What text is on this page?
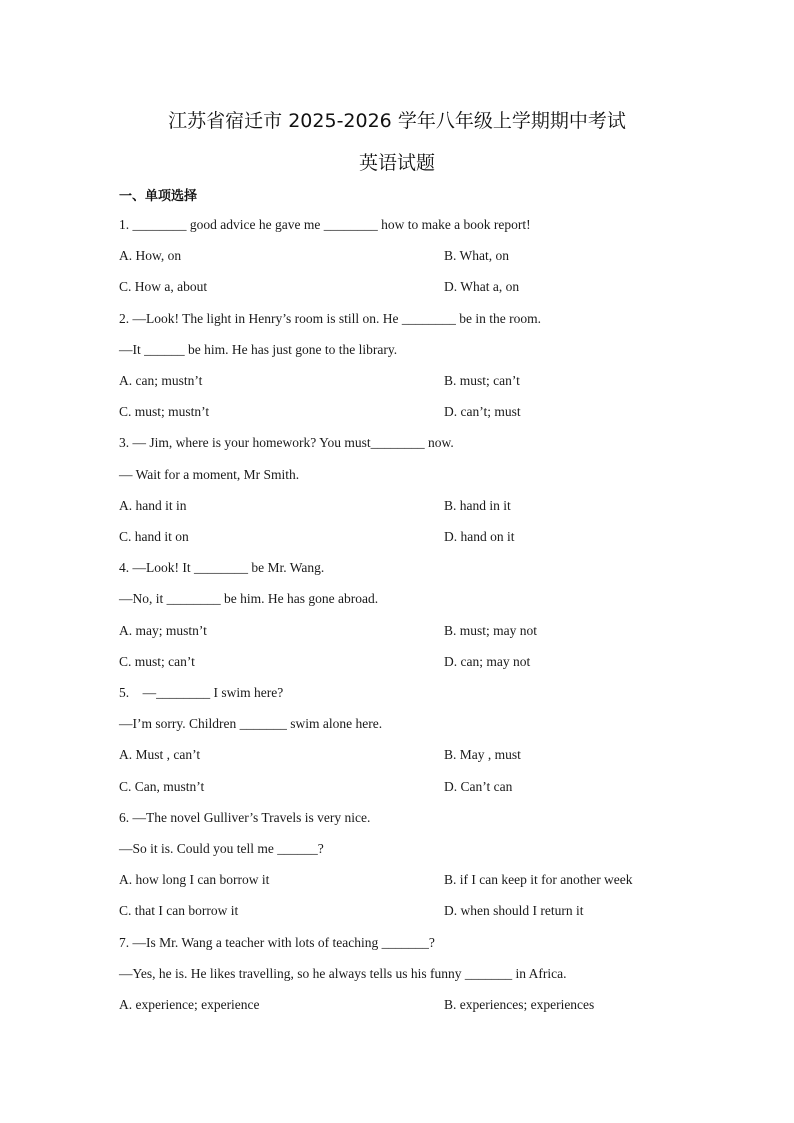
江苏省宿迁市 2025-2026 学年八年级上学期期中考试
英语试题
一、单项选择
1. ________ good advice he gave me ________ how to make a book report!
A. How, on	B. What, on
C. How a, about	D. What a, on
2. —Look! The light in Henry’s room is still on. He ________ be in the room.
—It ______ be him. He has just gone to the library.
A. can; mustn’t	B. must; can’t
C. must; mustn’t	D. can’t; must
3. — Jim, where is your homework? You must________ now.
— Wait for a moment, Mr Smith.
A. hand it in	B. hand in it
C. hand it on	D. hand on it
4. —Look! It ________ be Mr. Wang.
—No, it ________ be him. He has gone abroad.
A. may; mustn’t	B. must; may not
C. must; can’t	D. can; may not
5.    —________ I swim here?
—I’m sorry. Children _______ swim alone here.
A. Must , can’t	B. May , must
C. Can, mustn’t	D. Can’t can
6. —The novel Gulliver’s Travels is very nice.
—So it is. Could you tell me ______?
A. how long I can borrow it	B. if I can keep it for another week
C. that I can borrow it	D. when should I return it
7. —Is Mr. Wang a teacher with lots of teaching _______?
—Yes, he is. He likes travelling, so he always tells us his funny _______ in Africa.
A. experience; experience	B. experiences; experiences
